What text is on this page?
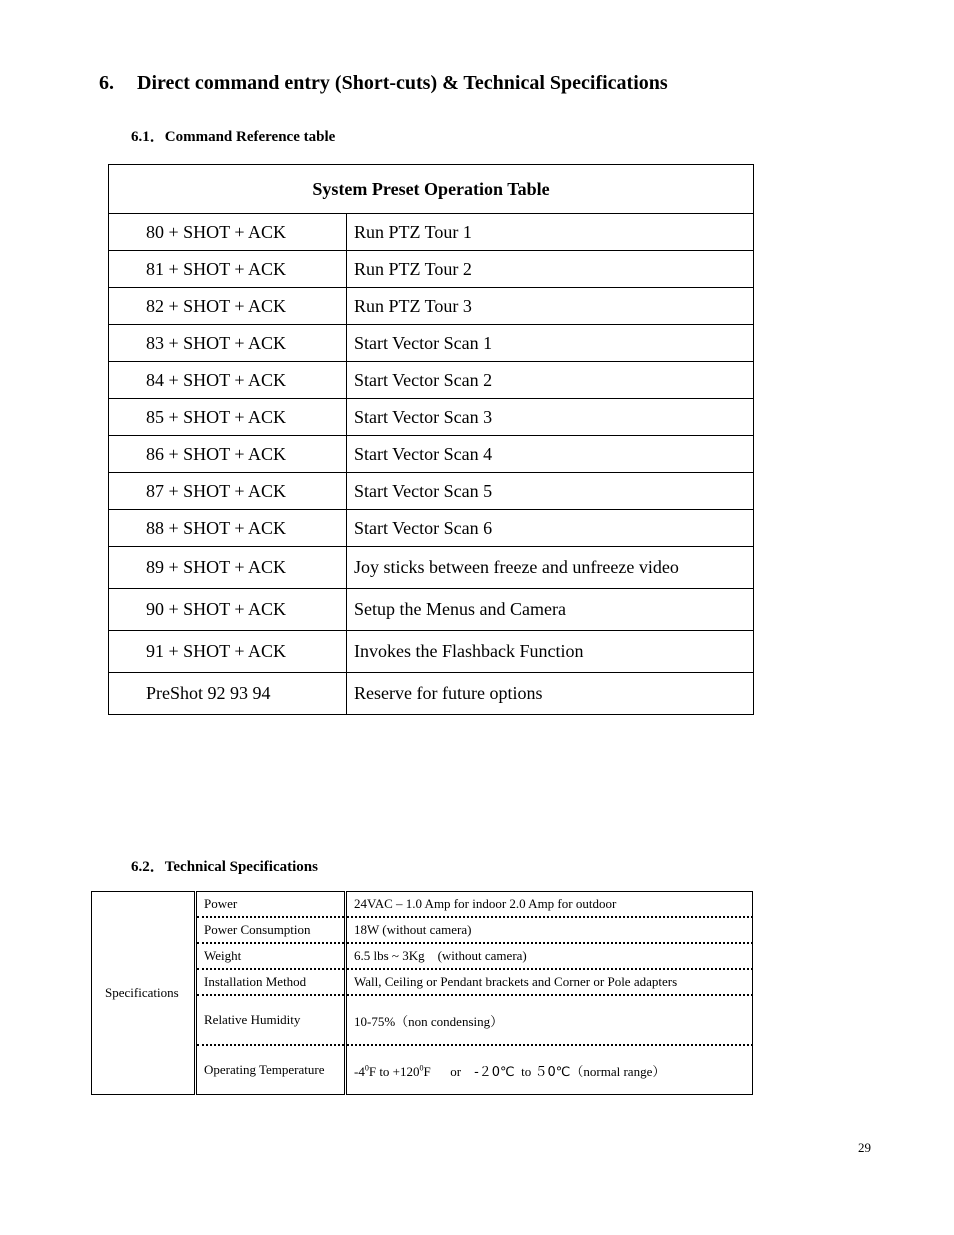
6. Direct command entry (Short-cuts) & Technical Specifications
6.1．Command Reference table
System Preset Operation Table	
80 + SHOT + ACK	Run PTZ Tour 1
81 + SHOT + ACK	Run PTZ Tour 2
82 + SHOT + ACK	Run PTZ Tour 3
83 + SHOT + ACK	Start Vector Scan 1
84 + SHOT + ACK	Start Vector Scan 2
85 + SHOT + ACK	Start Vector Scan 3
86 + SHOT + ACK	Start Vector Scan 4
87 + SHOT + ACK	Start Vector Scan 5
88 + SHOT + ACK	Start Vector Scan 6
89 + SHOT + ACK	Joy sticks between freeze and unfreeze video
90 + SHOT + ACK	Setup the Menus and Camera
91 + SHOT + ACK	Invokes the Flashback Function
PreShot 92 93 94	Reserve for future options
6.2．Technical Specifications
Specifications	Power	24VAC – 1.0 Amp for indoor 2.0 Amp for outdoor
	Power Consumption	18W (without camera)
	Weight	6.5 lbs ~ 3Kg    (without camera)
	Installation Method	Wall, Ceiling or Pendant brackets and Corner or Pole adapters
	Relative Humidity	10-75%（non condensing）
	Operating Temperature	$-4^0F$ to $+120^0F$      or    -２0℃  to ５0℃（normal range）
29
